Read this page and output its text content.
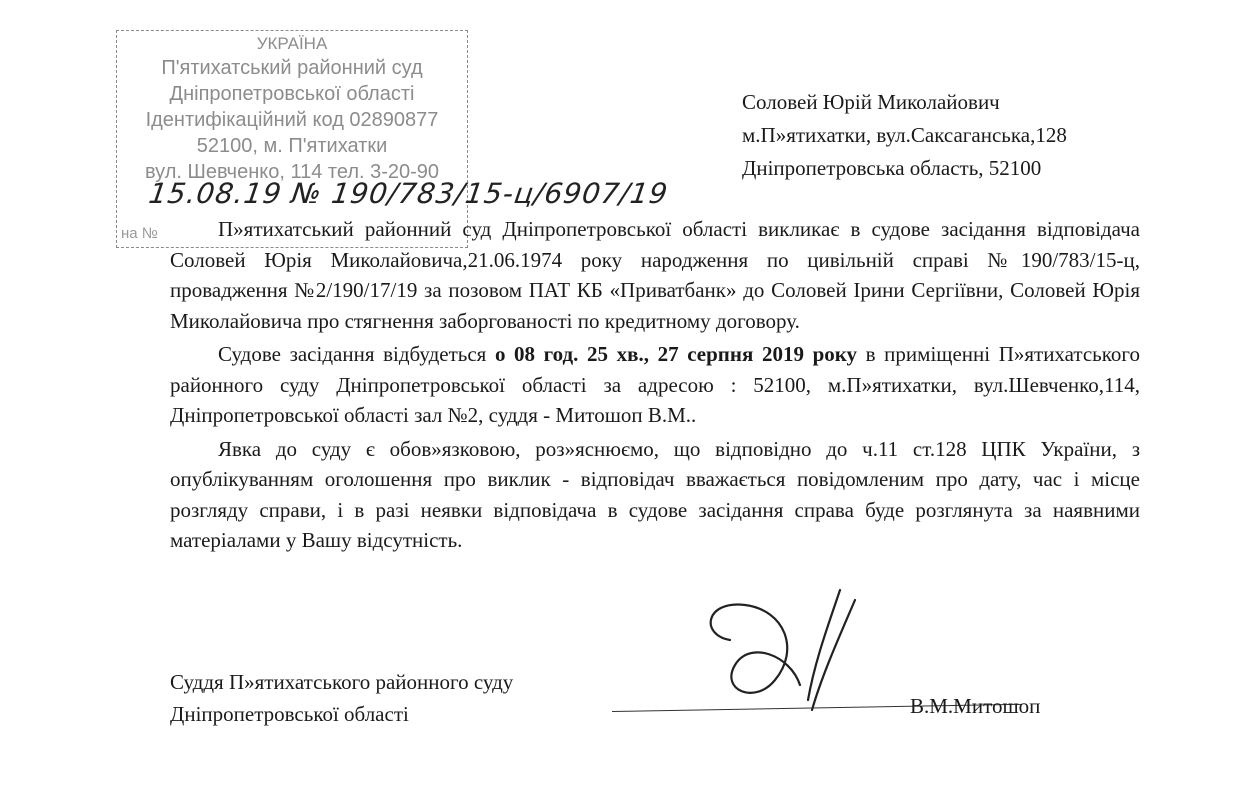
УКРАЇНА
П'ятихатський районний суд
Дніпропетровської області
Ідентифікаційний код 02890877
52100, м. П'ятихатки
вул. Шевченко, 114 тел. 3-20-90
15.08.19 № 190/783/15-ц/6907/19
на №
Соловей Юрій Миколайович
м.П»ятихатки, вул.Саксаганська,128
Дніпропетровська область, 52100

П»ятихатський районний суд Дніпропетровської області викликає в судове засідання відповідача Соловей Юрія Миколайовича,21.06.1974 року народження по цивільній справі №190/783/15-ц, провадження №2/190/17/19 за позовом ПАТ КБ «Приватбанк» до Соловей Ірини Сергіївни, Соловей Юрія Миколайовича про стягнення заборгованості по кредитному договору.

Судове засідання відбудеться о 08 год. 25 хв., 27 серпня 2019 року в приміщенні П»ятихатського районного суду Дніпропетровської області за адресою : 52100, м.П»ятихатки, вул.Шевченко,114, Дніпропетровської області зал №2, суддя - Митошоп В.М..

Явка до суду є обов»язковою, роз»яснюємо, що відповідно до ч.11 ст.128 ЦПК України, з опублікуванням оголошення про виклик - відповідач вважається повідомленим про дату, час і місце розгляду справи, і в разі неявки відповідача в судове засідання справа буде розглянута за наявними матеріалами у Вашу відсутність.

Суддя П»ятихатського районного суду
Дніпропетровської області	В.М.Митошоп
